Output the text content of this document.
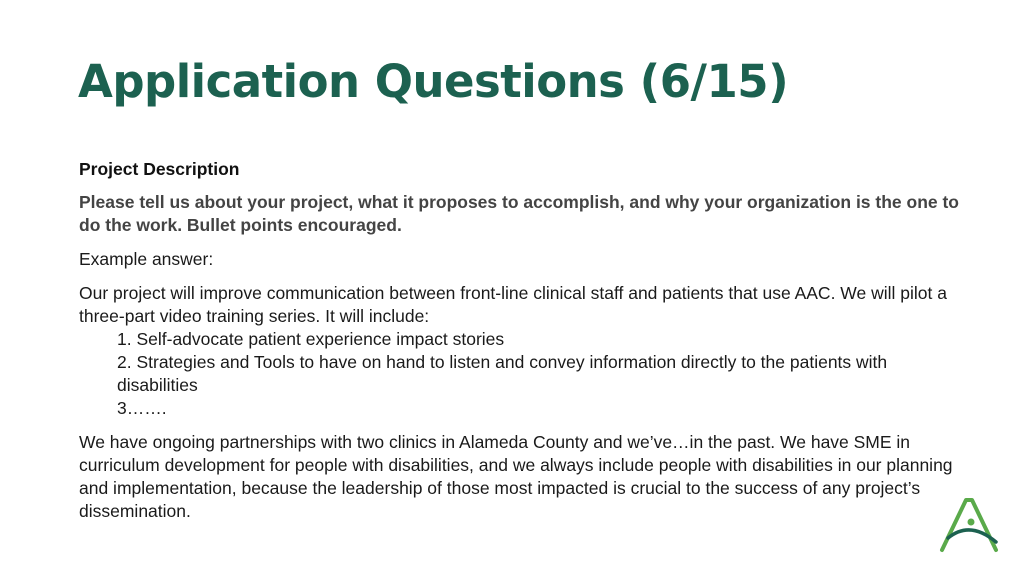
Application Questions (6/15)

Project Description

Please tell us about your project, what it proposes to accomplish, and why your organization is the one to do the work. Bullet points encouraged.

Example answer:

Our project will improve communication between front-line clinical staff and patients that use AAC. We will pilot a three-part video training series. It will include:

1. Self-advocate patient experience impact stories
2. Strategies and Tools to have on hand to listen and convey information directly to the patients with disabilities
3…….

We have ongoing partnerships with two clinics in Alameda County and we’ve…in the past. We have SME in curriculum development for people with disabilities, and we always include people with disabilities in our planning and implementation, because the leadership of those most impacted is crucial to the success of any project’s dissemination.
